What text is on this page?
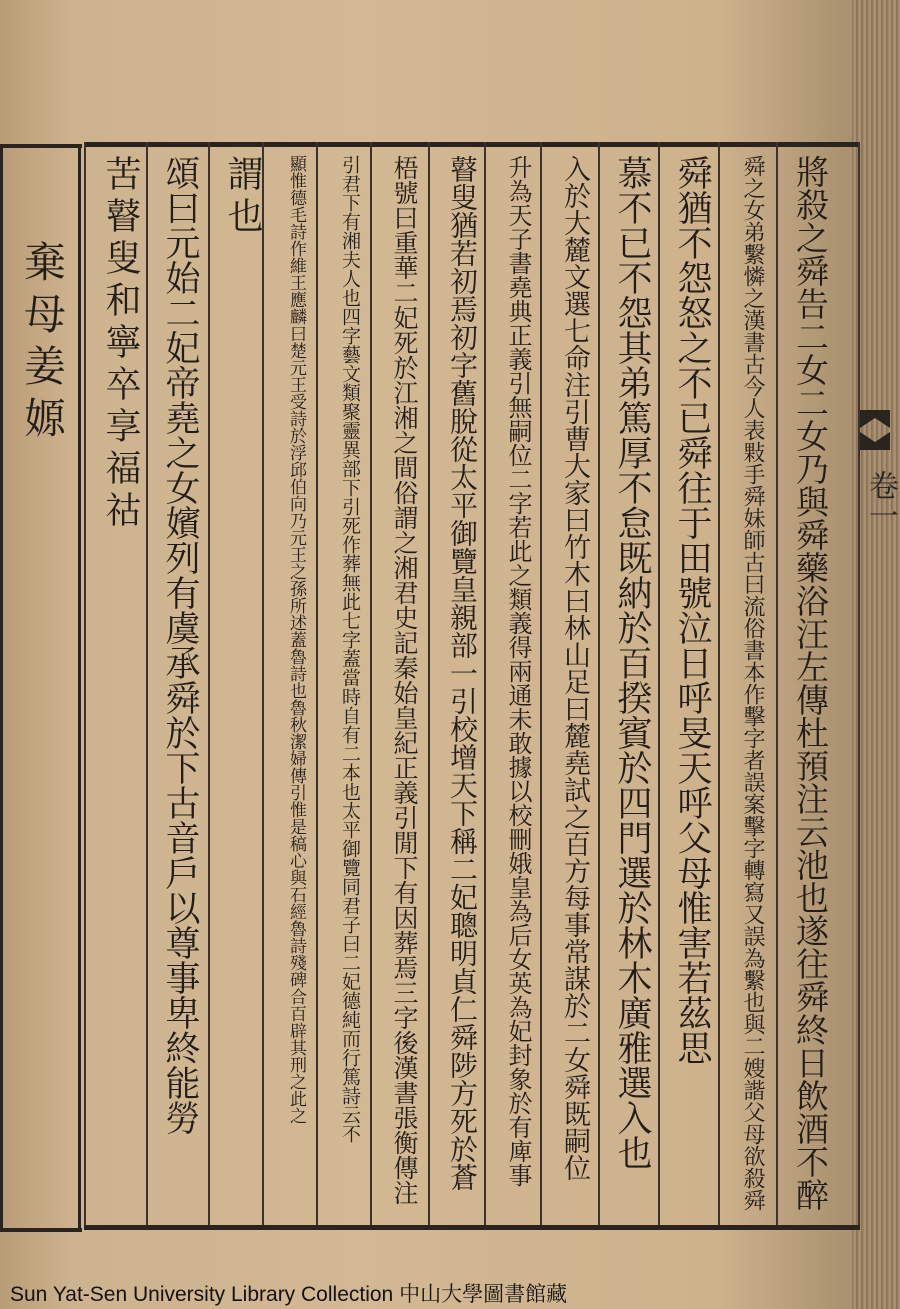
棄母姜嫄
卷一
將殺之舜告二女二女乃與舜藥浴汪左傳杜預注云池也遂往舜終日飲酒不醉
舜之女弟繫憐之漢書古今人表敤手舜妹師古曰流俗書本作擊字者誤案擊字轉寫又誤為繫也與二嫂諧父母欲殺舜
舜猶不怨怒之不已舜往于田號泣日呼旻天呼父母惟害若茲思
慕不已不怨其弟篤厚不怠既納於百揆賓於四門選於林木廣雅選入也
入於大麓文選七命注引曹大家曰竹木曰林山足曰麓堯試之百方每事常謀於二女舜既嗣位
升為天子書堯典正義引無嗣位二字若此之類義得兩通未敢據以校刪娥皇為后女英為妃封象於有庳事
瞽叟猶若初焉初字舊脫從太平御覽皇親部一引校增天下稱二妃聰明貞仁舜陟方死於蒼
梧號曰重華二妃死於江湘之間俗謂之湘君史記秦始皇紀正義引閒下有因葬焉三字後漢書張衡傳注
引君下有湘夫人也四字藝文類聚靈異部下引死作葬無此七字蓋當時自有二本也太平御覽同君子曰二妃德純而行篤詩云不
顯惟德毛詩作維王應麟曰楚元王受詩於浮邱伯向乃元王之孫所述蓋魯詩也魯秋潔婦傳引惟是稿心與石經魯詩殘碑合百辟其刑之此之
謂也
頌曰元始二妃帝堯之女嬪列有虞承舜於下古音戶以尊事卑終能勞
苦瞽叟和寧卒享福祜
Sun Yat-Sen University Library Collection 中山大學圖書館藏
